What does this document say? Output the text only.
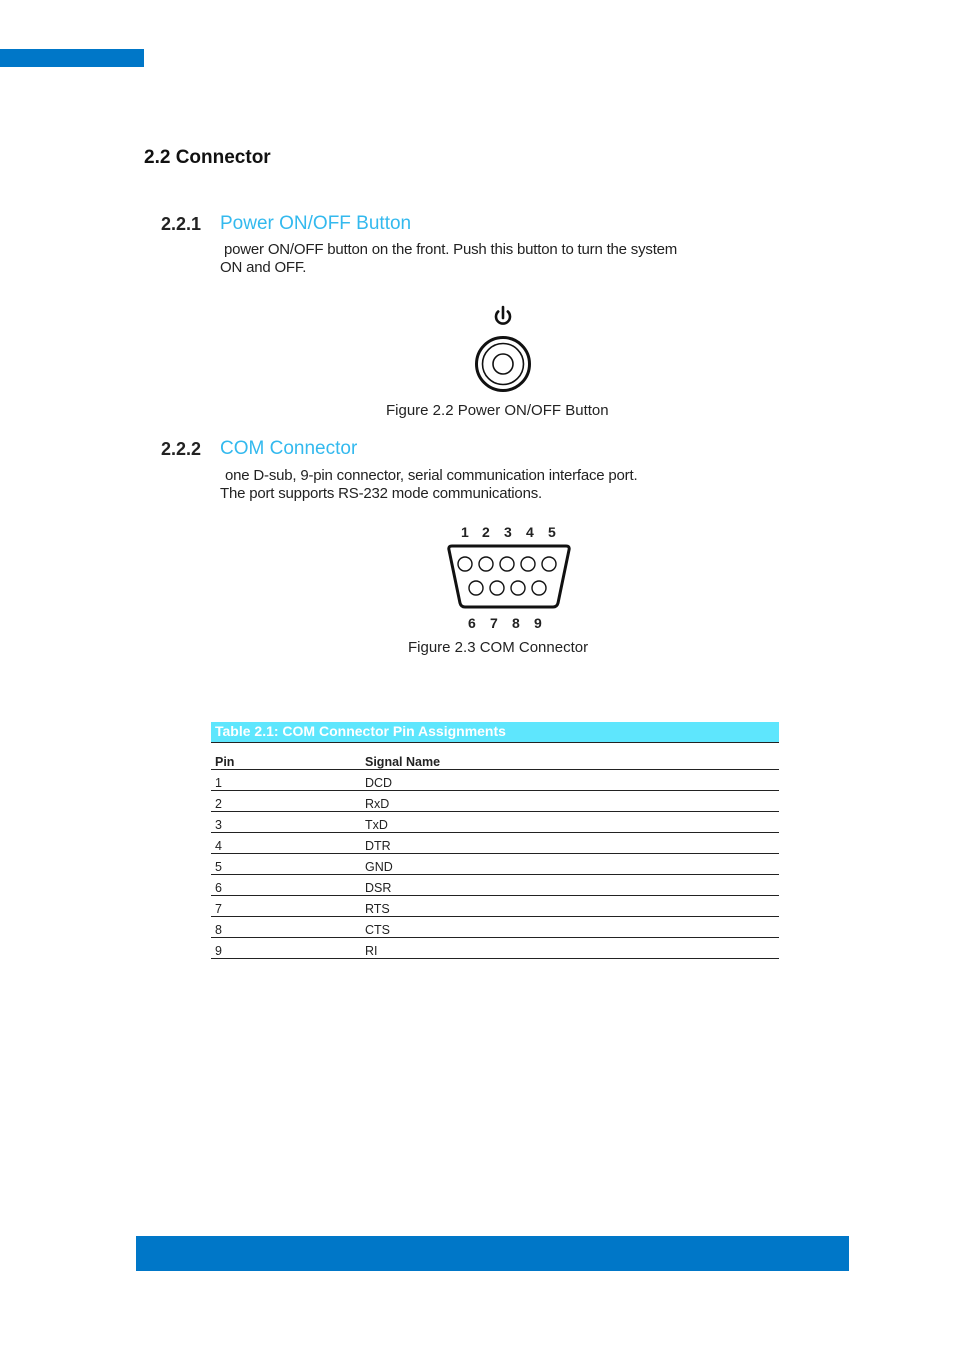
2.2 Connector
2.2.1 Power ON/OFF Button
power ON/OFF button on the front. Push this button to turn the system
ON and OFF.
Figure 2.2 Power ON/OFF Button
2.2.2 COM Connector
one D-sub, 9-pin connector, serial communication interface port.
The port supports RS-232 mode communications.
1 2 3 4 5
6 7 8 9
Figure 2.3 COM Connector
Table 2.1: COM Connector Pin Assignments
Pin	Signal Name
1	DCD
2	RxD
3	TxD
4	DTR
5	GND
6	DSR
7	RTS
8	CTS
9	RI
